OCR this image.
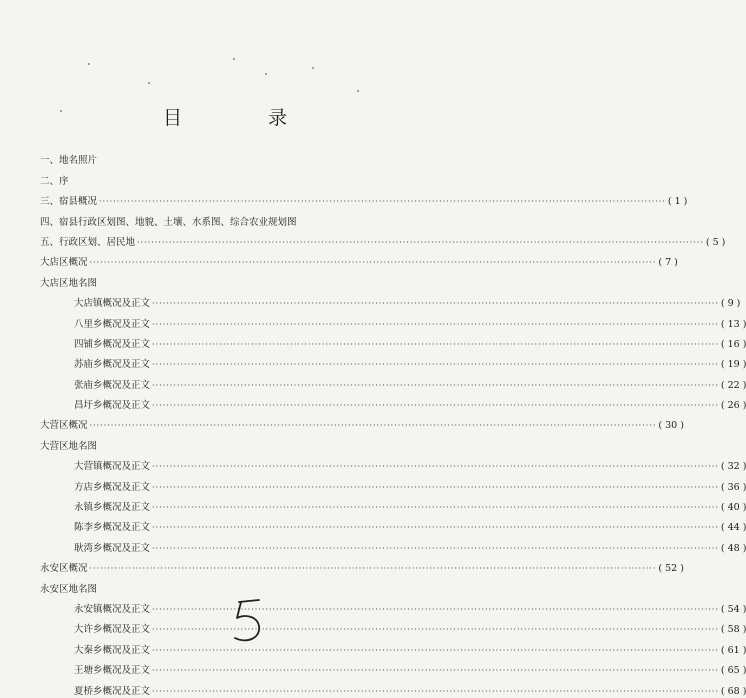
目 录
一、地名照片
二、序
三、宿县概况 ································································································································································ ( 1 )
四、宿县行政区划图、地貌、土壤、水系图、综合农业规划图
五、行政区划、居民地 ································································································································································ ( 5 )
大店区概况 ································································································································································ ( 7 )
大店区地名图
大店镇概况及正文 ································································································································································ ( 9 )
八里乡概况及正文 ································································································································································ ( 13 )
四铺乡概况及正文 ································································································································································ ( 16 )
苏庙乡概况及正文 ································································································································································ ( 19 )
张庙乡概况及正文 ································································································································································ ( 22 )
昌圩乡概况及正文 ································································································································································ ( 26 )
大营区概况 ································································································································································ ( 30 )
大营区地名图
大营镇概况及正文 ································································································································································ ( 32 )
方店乡概况及正文 ································································································································································ ( 36 )
永镇乡概况及正文 ································································································································································ ( 40 )
陈李乡概况及正文 ································································································································································ ( 44 )
耿湾乡概况及正文 ································································································································································ ( 48 )
永安区概况 ································································································································································ ( 52 )
永安区地名图
永安镇概况及正文 ································································································································································ ( 54 )
大许乡概况及正文 ································································································································································ ( 58 )
大秦乡概况及正文 ································································································································································ ( 61 )
王塘乡概况及正文 ································································································································································ ( 65 )
夏桥乡概况及正文 ································································································································································ ( 68 )
